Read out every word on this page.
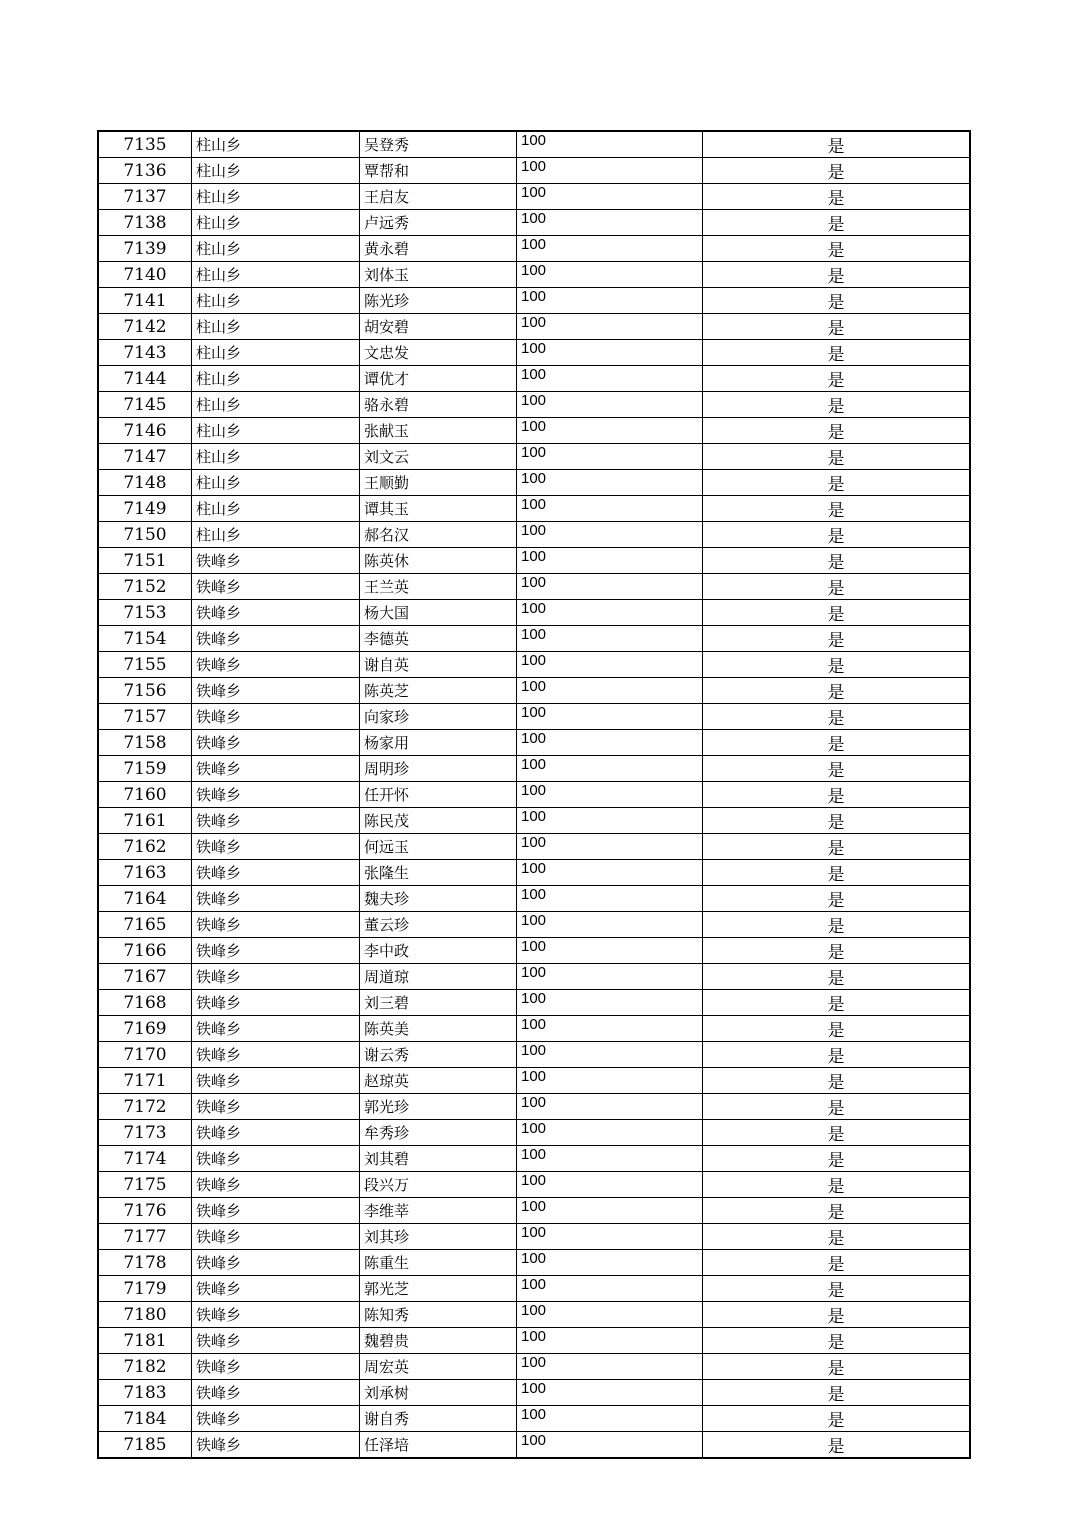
7135	柱山乡	吴登秀	100	是
7136	柱山乡	覃帮和	100	是
7137	柱山乡	王启友	100	是
7138	柱山乡	卢远秀	100	是
7139	柱山乡	黄永碧	100	是
7140	柱山乡	刘体玉	100	是
7141	柱山乡	陈光珍	100	是
7142	柱山乡	胡安碧	100	是
7143	柱山乡	文忠发	100	是
7144	柱山乡	谭优才	100	是
7145	柱山乡	骆永碧	100	是
7146	柱山乡	张献玉	100	是
7147	柱山乡	刘文云	100	是
7148	柱山乡	王顺勤	100	是
7149	柱山乡	谭其玉	100	是
7150	柱山乡	郝名汉	100	是
7151	铁峰乡	陈英休	100	是
7152	铁峰乡	王兰英	100	是
7153	铁峰乡	杨大国	100	是
7154	铁峰乡	李德英	100	是
7155	铁峰乡	谢自英	100	是
7156	铁峰乡	陈英芝	100	是
7157	铁峰乡	向家珍	100	是
7158	铁峰乡	杨家用	100	是
7159	铁峰乡	周明珍	100	是
7160	铁峰乡	任开怀	100	是
7161	铁峰乡	陈民茂	100	是
7162	铁峰乡	何远玉	100	是
7163	铁峰乡	张隆生	100	是
7164	铁峰乡	魏夫珍	100	是
7165	铁峰乡	董云珍	100	是
7166	铁峰乡	李中政	100	是
7167	铁峰乡	周道琼	100	是
7168	铁峰乡	刘三碧	100	是
7169	铁峰乡	陈英美	100	是
7170	铁峰乡	谢云秀	100	是
7171	铁峰乡	赵琼英	100	是
7172	铁峰乡	郭光珍	100	是
7173	铁峰乡	牟秀珍	100	是
7174	铁峰乡	刘其碧	100	是
7175	铁峰乡	段兴万	100	是
7176	铁峰乡	李维莘	100	是
7177	铁峰乡	刘其珍	100	是
7178	铁峰乡	陈重生	100	是
7179	铁峰乡	郭光芝	100	是
7180	铁峰乡	陈知秀	100	是
7181	铁峰乡	魏碧贵	100	是
7182	铁峰乡	周宏英	100	是
7183	铁峰乡	刘承树	100	是
7184	铁峰乡	谢自秀	100	是
7185	铁峰乡	任泽培	100	是
